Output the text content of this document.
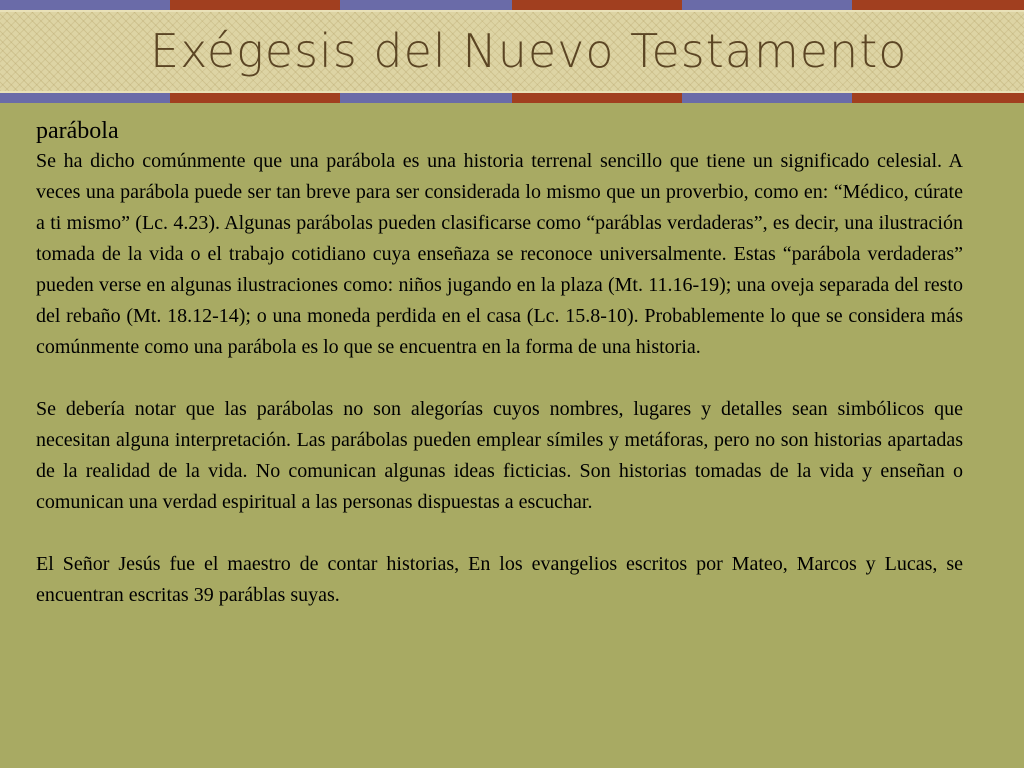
Exégesis del Nuevo Testamento

parábola

Se ha dicho comúnmente que una parábola es una historia terrenal sencillo que tiene un significado celesial. A veces una parábola puede ser tan breve para ser considerada lo mismo que un proverbio, como en: “Médico, cúrate a ti mismo” (Lc. 4.23). Algunas parábolas pueden clasificarse como “paráblas verdaderas”, es decir, una ilustración tomada de la vida o el trabajo cotidiano cuya enseñaza se reconoce universalmente. Estas “parábola verdaderas” pueden verse en algunas ilustraciones como: niños jugando en la plaza (Mt. 11.16-19); una oveja separada del resto del rebaño (Mt. 18.12-14); o una moneda perdida en el casa (Lc. 15.8-10). Probablemente lo que se considera más comúnmente como una parábola es lo que se encuentra en la forma de una historia.

Se debería notar que las parábolas no son alegorías cuyos nombres, lugares y detalles sean simbólicos que necesitan alguna interpretación. Las parábolas pueden emplear símiles y metáforas, pero no son historias apartadas de la realidad de la vida. No comunican algunas ideas ficticias. Son historias tomadas de la vida y enseñan o comunican una verdad espiritual a las personas dispuestas a escuchar.

El Señor Jesús fue el maestro de contar historias, En los evangelios escritos por Mateo, Marcos y Lucas, se encuentran escritas 39 paráblas suyas.
